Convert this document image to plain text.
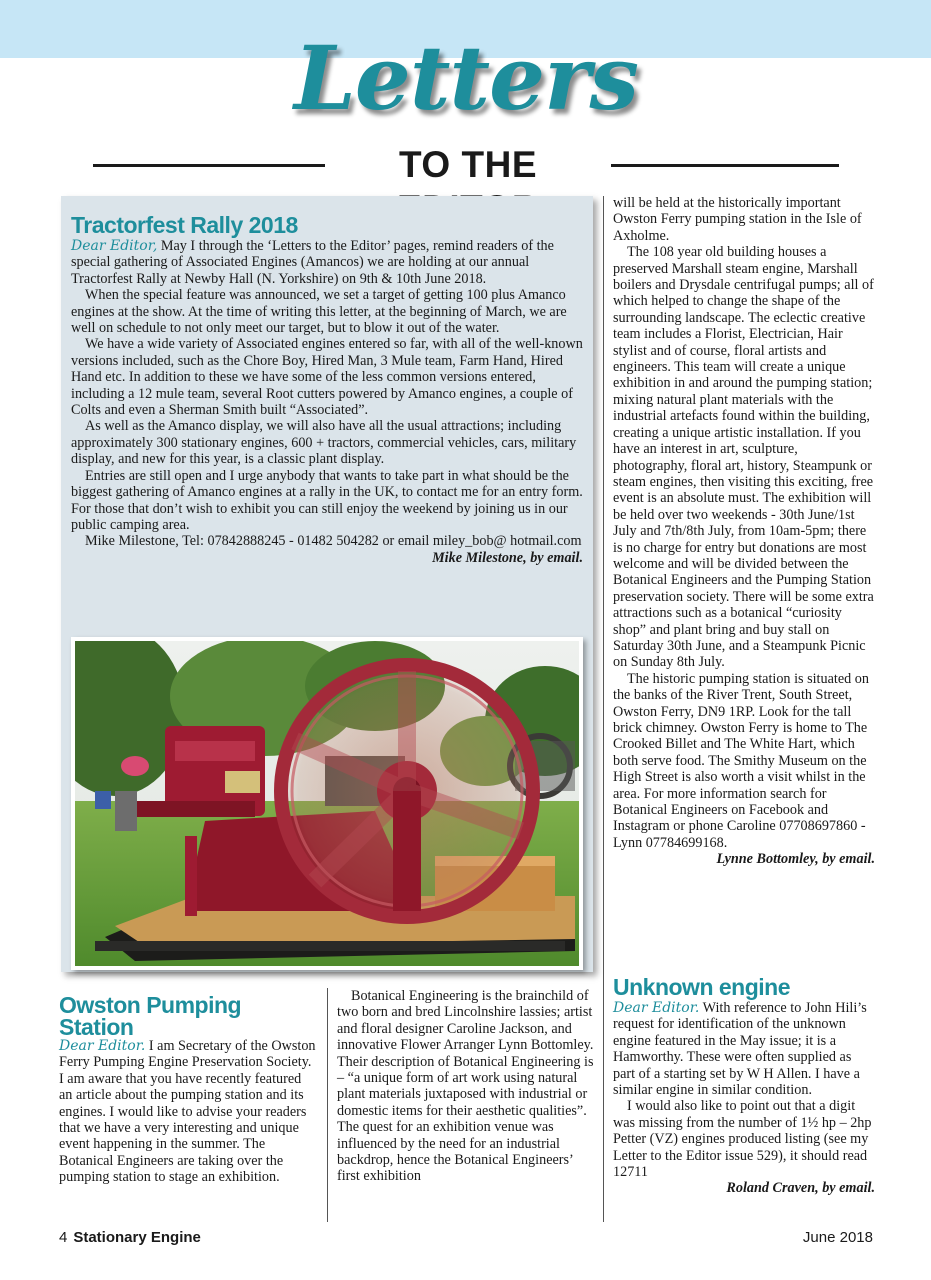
Letters
TO THE
Tractorfest Rally 2018

Dear Editor, May I through the ‘Letters to the Editor’ pages, remind readers of the special gathering of Associated Engines (Amancos) we are holding at our annual Tractorfest Rally at Newby Hall (N. Yorkshire) on 9th & 10th June 2018.

When the special feature was announced, we set a target of getting 100 plus Amanco engines at the show. At the time of writing this letter, at the beginning of March, we are well on schedule to not only meet our target, but to blow it out of the water.

We have a wide variety of Associated engines entered so far, with all of the well-known versions included, such as the Chore Boy, Hired Man, 3 Mule team, Farm Hand, Hired Hand etc. In addition to these we have some of the less common versions entered, including a 12 mule team, several Root cutters powered by Amanco engines, a couple of Colts and even a Sherman Smith built “Associated”.

As well as the Amanco display, we will also have all the usual attractions; including approximately 300 stationary engines, 600 + tractors, commercial vehicles, cars, military display, and new for this year, is a classic plant display.

Entries are still open and I urge anybody that wants to take part in what should be the biggest gathering of Amanco engines at a rally in the UK, to contact me for an entry form. For those that don’t wish to exhibit you can still enjoy the weekend by joining us in our public camping area.

Mike Milestone, Tel: 07842888245 - 01482 504282 or email miley_bob@ hotmail.com

Mike Milestone, by email.
Owston Pumping Station

Dear Editor. I am Secretary of the Owston Ferry Pumping Engine Preservation Society. I am aware that you have recently featured an article about the pumping station and its engines. I would like to advise your readers that we have a very interesting and unique event happening in the summer. The Botanical Engineers are taking over the pumping station to stage an exhibition.

Botanical Engineering is the brainchild of two born and bred Lincolnshire lassies; artist and floral designer Caroline Jackson, and innovative Flower Arranger Lynn Bottomley. Their description of Botanical Engineering is – “a unique form of art work using natural plant materials juxtaposed with industrial or domestic items for their aesthetic qualities”. The quest for an exhibition venue was influenced by the need for an industrial backdrop, hence the Botanical Engineers’ first exhibition

will be held at the historically important Owston Ferry pumping station in the Isle of Axholme.

The 108 year old building houses a preserved Marshall steam engine, Marshall boilers and Drysdale centrifugal pumps; all of which helped to change the shape of the surrounding landscape. The eclectic creative team includes a Florist, Electrician, Hair stylist and of course, floral artists and engineers. This team will create a unique exhibition in and around the pumping station; mixing natural plant materials with the industrial artefacts found within the building, creating a unique artistic installation. If you have an interest in art, sculpture, photography, floral art, history, Steampunk or steam engines, then visiting this exciting, free event is an absolute must. The exhibition will be held over two weekends - 30th June/1st July and 7th/8th July, from 10am-5pm; there is no charge for entry but donations are most welcome and will be divided between the Botanical Engineers and the Pumping Station preservation society. There will be some extra attractions such as a botanical “curiosity shop” and plant bring and buy stall on Saturday 30th June, and a Steampunk Picnic on Sunday 8th July.

The historic pumping station is situated on the banks of the River Trent, South Street, Owston Ferry, DN9 1RP. Look for the tall brick chimney. Owston Ferry is home to The Crooked Billet and The White Hart, which both serve food. The Smithy Museum on the High Street is also worth a visit whilst in the area. For more information search for Botanical Engineers on Facebook and Instagram or phone Caroline 07708697860 - Lynn 07784699168.

Lynne Bottomley, by email.
Unknown engine

Dear Editor. With reference to John Hili’s request for identification of the unknown engine featured in the May issue; it is a Hamworthy. These were often supplied as part of a starting set by W H Allen. I have a similar engine in similar condition.

I would also like to point out that a digit was missing from the number of 1½ hp – 2hp Petter (VZ) engines produced listing (see my Letter to the Editor issue 529), it should read 12711

Roland Craven, by email.
4 Stationary Engine	June 2018
